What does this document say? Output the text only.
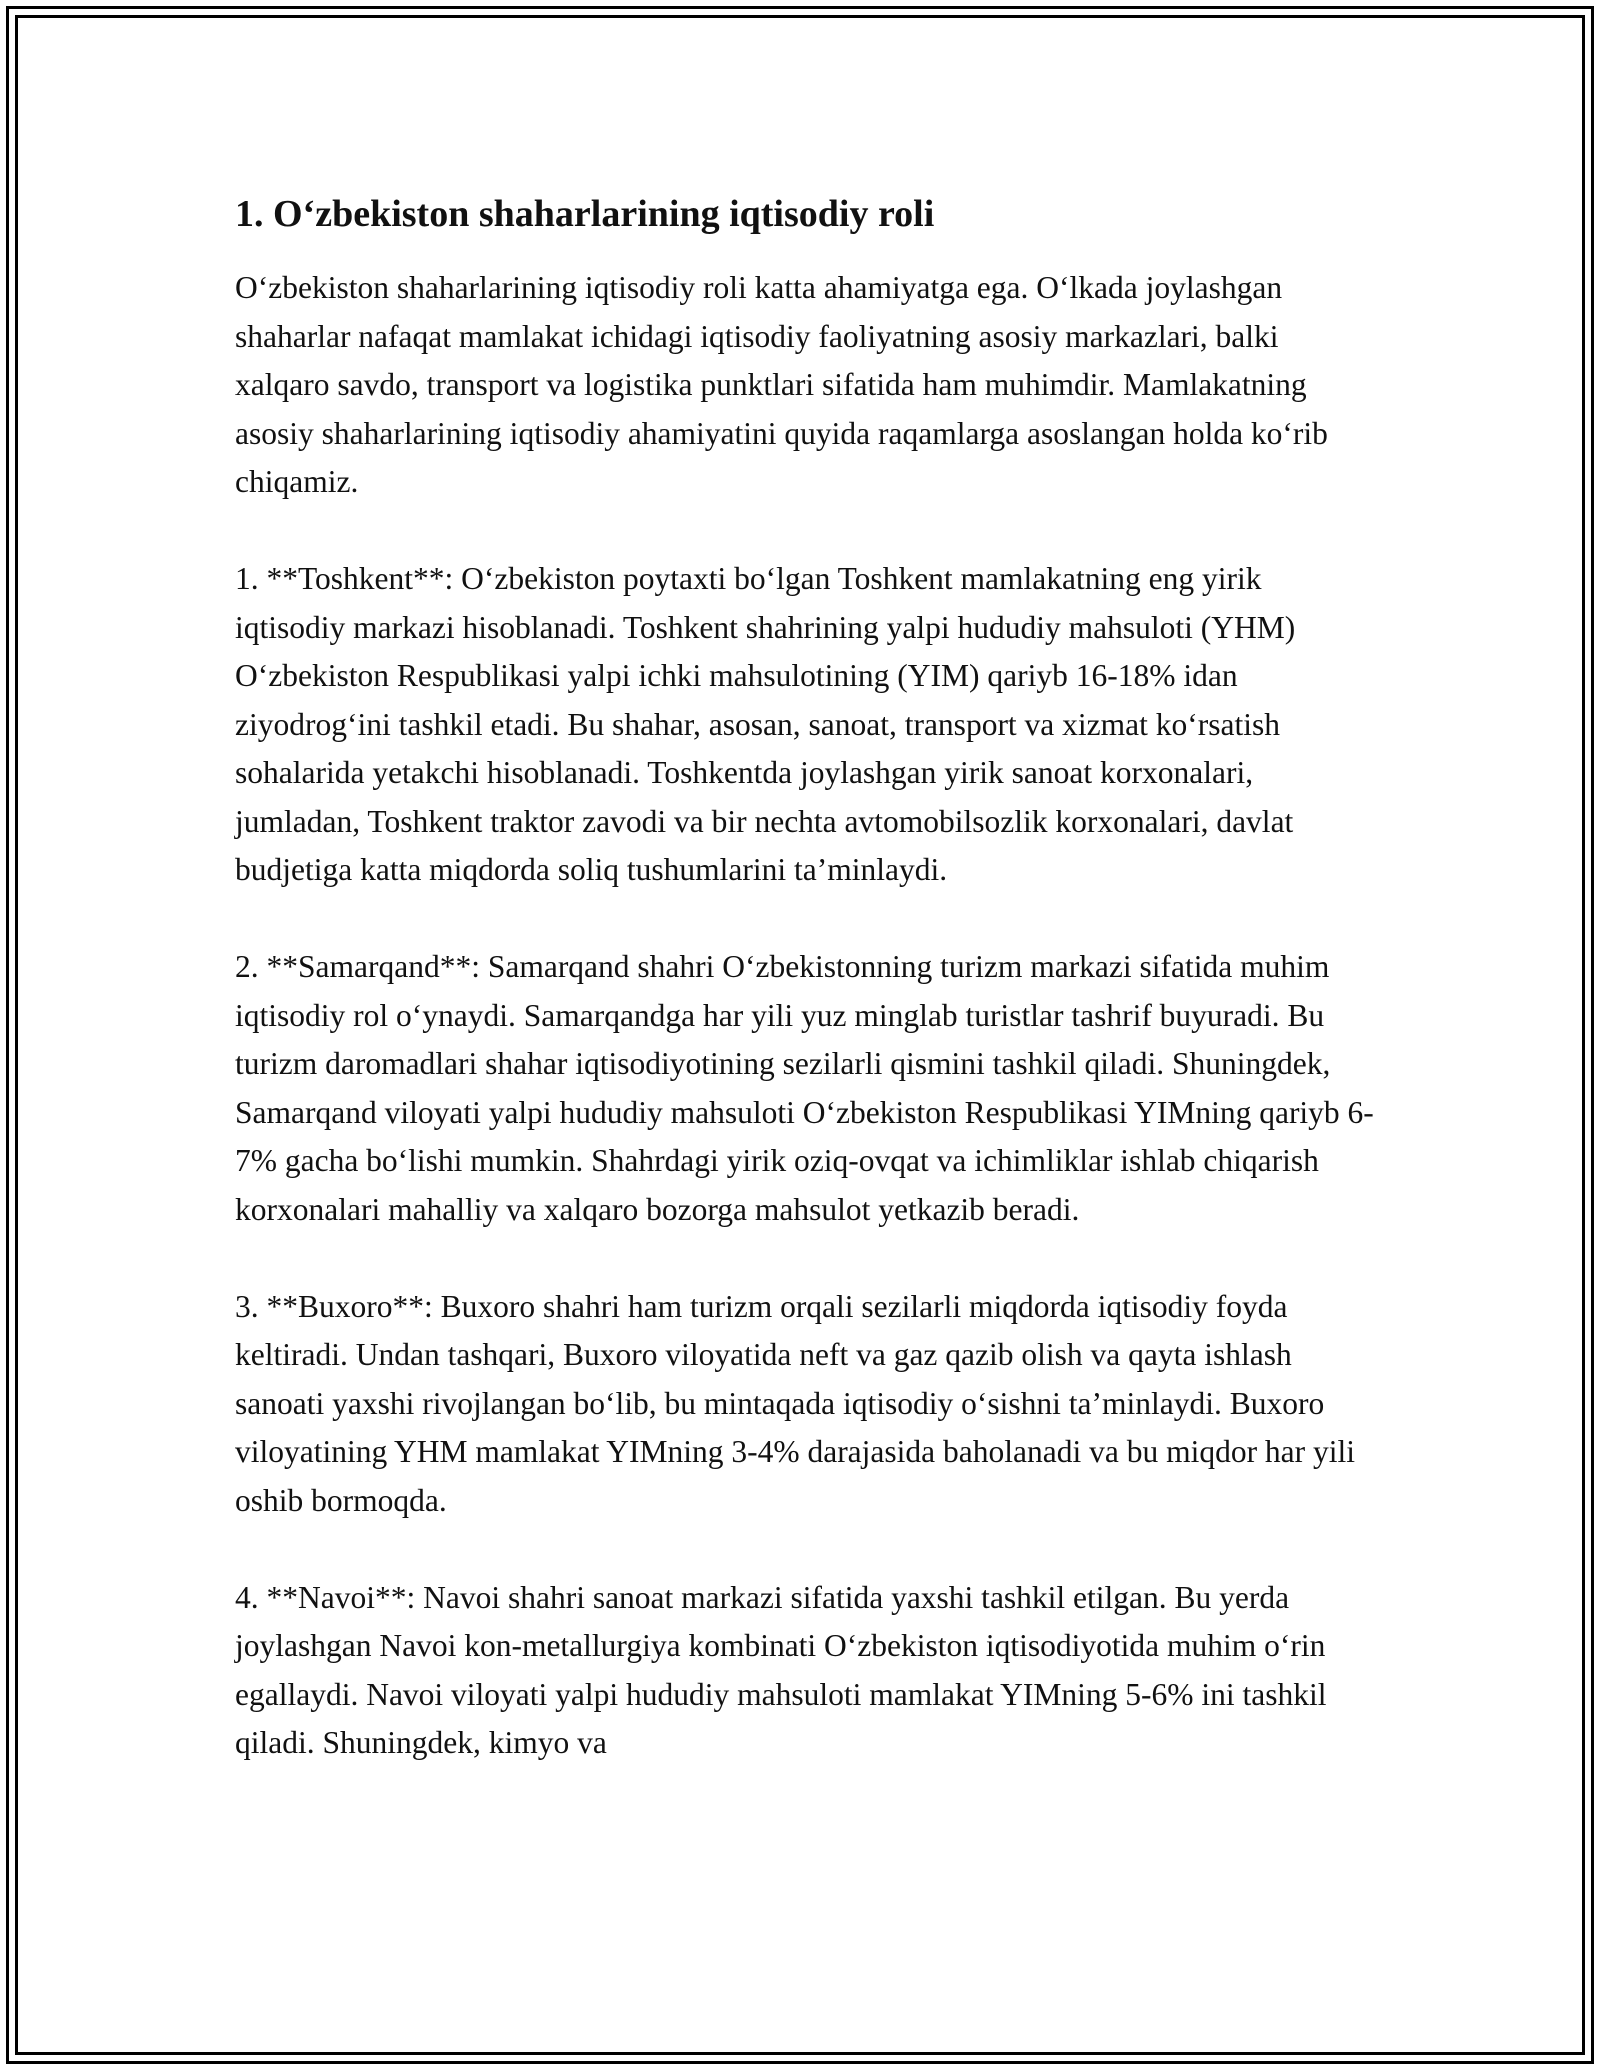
1. O‘zbekiston shaharlarining iqtisodiy roli

O‘zbekiston shaharlarining iqtisodiy roli katta ahamiyatga ega. O‘lkada joylashgan shaharlar nafaqat mamlakat ichidagi iqtisodiy faoliyatning asosiy markazlari, balki xalqaro savdo, transport va logistika punktlari sifatida ham muhimdir. Mamlakatning asosiy shaharlarining iqtisodiy ahamiyatini quyida raqamlarga asoslangan holda ko‘rib chiqamiz.

1. **Toshkent**: O‘zbekiston poytaxti bo‘lgan Toshkent mamlakatning eng yirik iqtisodiy markazi hisoblanadi. Toshkent shahrining yalpi hududiy mahsuloti (YHM) O‘zbekiston Respublikasi yalpi ichki mahsulotining (YIM) qariyb 16-18% idan ziyodrog‘ini tashkil etadi. Bu shahar, asosan, sanoat, transport va xizmat ko‘rsatish sohalarida yetakchi hisoblanadi. Toshkentda joylashgan yirik sanoat korxonalari, jumladan, Toshkent traktor zavodi va bir nechta avtomobilsozlik korxonalari, davlat budjetiga katta miqdorda soliq tushumlarini ta’minlaydi.

2. **Samarqand**: Samarqand shahri O‘zbekistonning turizm markazi sifatida muhim iqtisodiy rol o‘ynaydi. Samarqandga har yili yuz minglab turistlar tashrif buyuradi. Bu turizm daromadlari shahar iqtisodiyotining sezilarli qismini tashkil qiladi. Shuningdek, Samarqand viloyati yalpi hududiy mahsuloti O‘zbekiston Respublikasi YIMning qariyb 6-7% gacha bo‘lishi mumkin. Shahrdagi yirik oziq-ovqat va ichimliklar ishlab chiqarish korxonalari mahalliy va xalqaro bozorga mahsulot yetkazib beradi.

3. **Buxoro**: Buxoro shahri ham turizm orqali sezilarli miqdorda iqtisodiy foyda keltiradi. Undan tashqari, Buxoro viloyatida neft va gaz qazib olish va qayta ishlash sanoati yaxshi rivojlangan bo‘lib, bu mintaqada iqtisodiy o‘sishni ta’minlaydi. Buxoro viloyatining YHM mamlakat YIMning 3-4% darajasida baholanadi va bu miqdor har yili oshib bormoqda.

4. **Navoi**: Navoi shahri sanoat markazi sifatida yaxshi tashkil etilgan. Bu yerda joylashgan Navoi kon-metallurgiya kombinati O‘zbekiston iqtisodiyotida muhim o‘rin egallaydi. Navoi viloyati yalpi hududiy mahsuloti mamlakat YIMning 5-6% ini tashkil qiladi. Shuningdek, kimyo va
